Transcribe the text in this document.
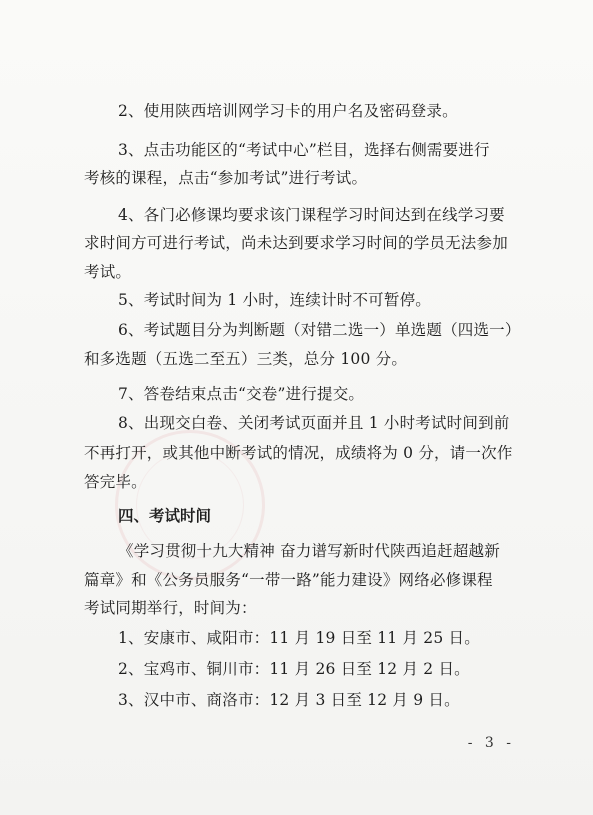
2、使用陕西培训网学习卡的用户名及密码登录。
3、点击功能区的“考试中心”栏目，选择右侧需要进行
考核的课程，点击“参加考试”进行考试。
4、各门必修课均要求该门课程学习时间达到在线学习要
求时间方可进行考试，尚未达到要求学习时间的学员无法参加
考试。
5、考试时间为 1 小时，连续计时不可暂停。
6、考试题目分为判断题（对错二选一）单选题（四选一）
和多选题（五选二至五）三类，总分 100 分。
7、答卷结束点击“交卷”进行提交。
8、出现交白卷、关闭考试页面并且 1 小时考试时间到前
不再打开，或其他中断考试的情况，成绩将为 0 分，请一次作
答完毕。
四、考试时间
《学习贯彻十九大精神 奋力谱写新时代陕西追赶超越新
篇章》和《公务员服务“一带一路”能力建设》网络必修课程
考试同期举行，时间为：
1、安康市、咸阳市：11 月 19 日至 11 月 25 日。
2、宝鸡市、铜川市：11 月 26 日至 12 月 2 日。
3、汉中市、商洛市：12 月 3 日至 12 月 9 日。
- 3 -
